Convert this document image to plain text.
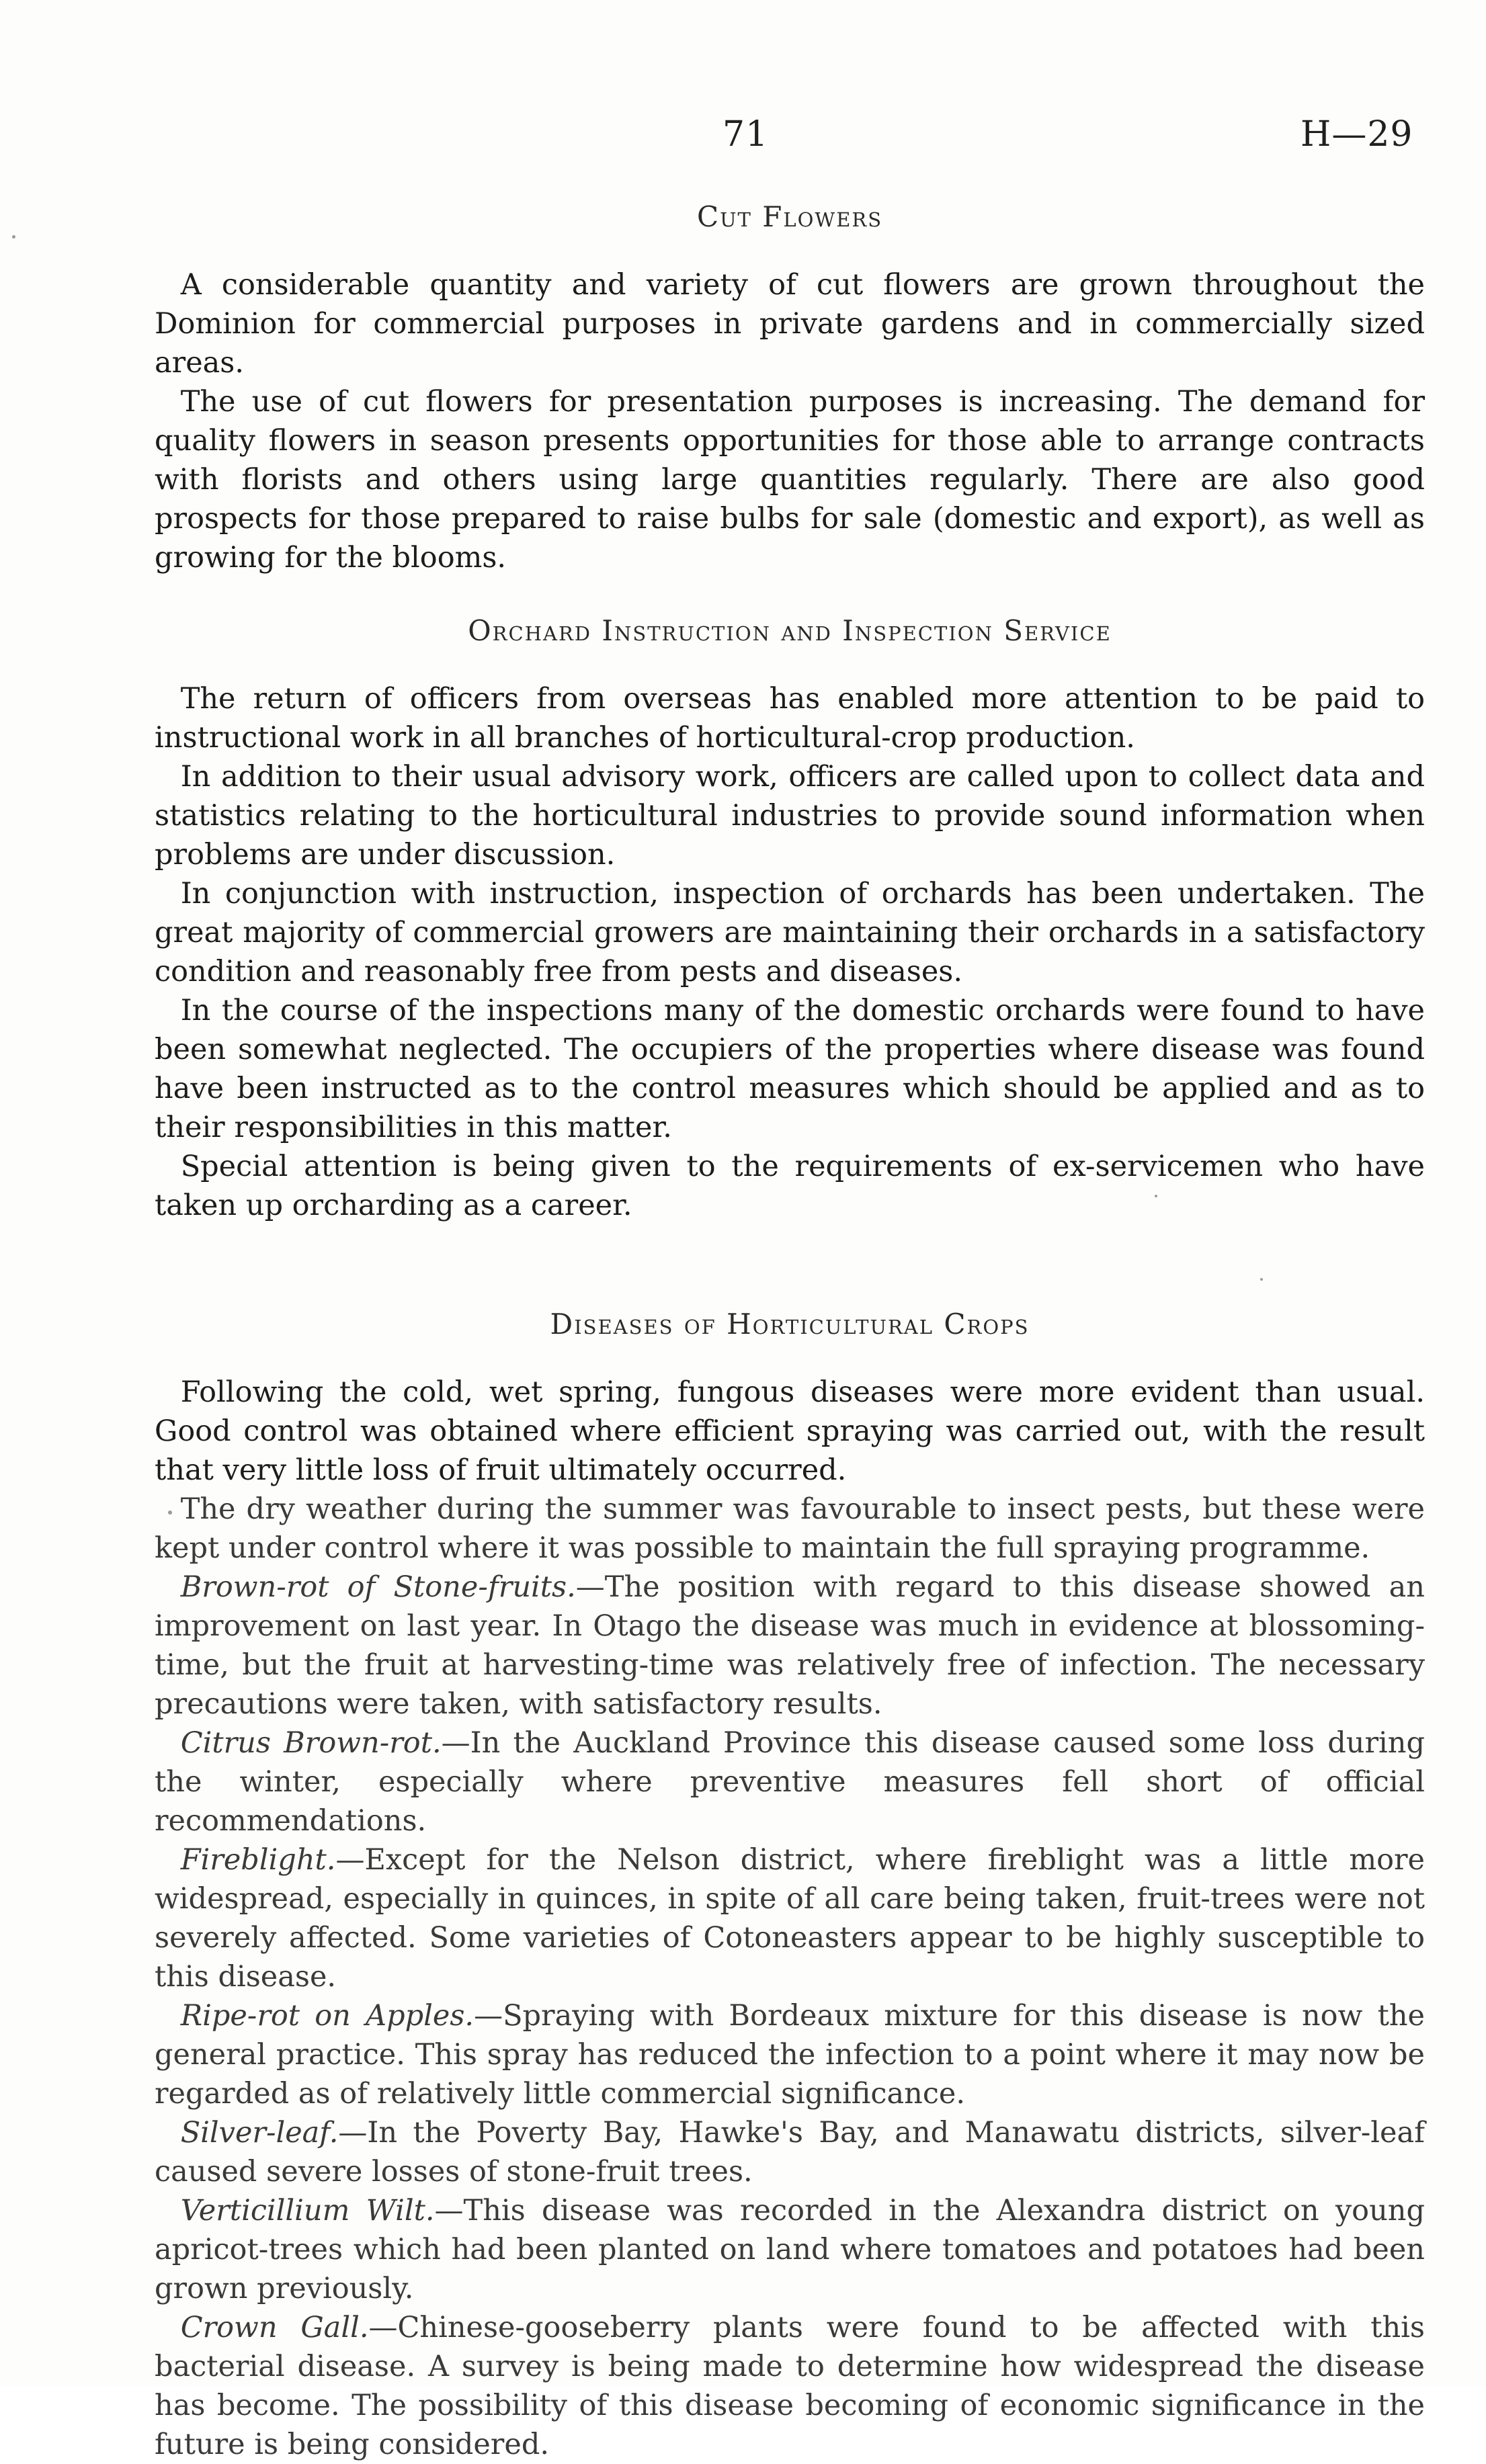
71	H—29
Cut Flowers

A considerable quantity and variety of cut flowers are grown throughout the Dominion for commercial purposes in private gardens and in commercially sized areas.

The use of cut flowers for presentation purposes is increasing. The demand for quality flowers in season presents opportunities for those able to arrange contracts with florists and others using large quantities regularly. There are also good prospects for those prepared to raise bulbs for sale (domestic and export), as well as growing for the blooms.

Orchard Instruction and Inspection Service

The return of officers from overseas has enabled more attention to be paid to instructional work in all branches of horticultural-crop production.

In addition to their usual advisory work, officers are called upon to collect data and statistics relating to the horticultural industries to provide sound information when problems are under discussion.

In conjunction with instruction, inspection of orchards has been undertaken. The great majority of commercial growers are maintaining their orchards in a satisfactory condition and reasonably free from pests and diseases.

In the course of the inspections many of the domestic orchards were found to have been somewhat neglected. The occupiers of the properties where disease was found have been instructed as to the control measures which should be applied and as to their responsibilities in this matter.

Special attention is being given to the requirements of ex-servicemen who have taken up orcharding as a career.

Diseases of Horticultural Crops

Following the cold, wet spring, fungous diseases were more evident than usual. Good control was obtained where efficient spraying was carried out, with the result that very little loss of fruit ultimately occurred.

The dry weather during the summer was favourable to insect pests, but these were kept under control where it was possible to maintain the full spraying programme.

Brown-rot of Stone-fruits.—The position with regard to this disease showed an improvement on last year. In Otago the disease was much in evidence at blossoming-time, but the fruit at harvesting-time was relatively free of infection. The necessary precautions were taken, with satisfactory results.

Citrus Brown-rot.—In the Auckland Province this disease caused some loss during the winter, especially where preventive measures fell short of official recommendations.

Fireblight.—Except for the Nelson district, where fireblight was a little more widespread, especially in quinces, in spite of all care being taken, fruit-trees were not severely affected. Some varieties of Cotoneasters appear to be highly susceptible to this disease.

Ripe-rot on Apples.—Spraying with Bordeaux mixture for this disease is now the general practice. This spray has reduced the infection to a point where it may now be regarded as of relatively little commercial significance.

Silver-leaf.—In the Poverty Bay, Hawke's Bay, and Manawatu districts, silver-leaf caused severe losses of stone-fruit trees.

Verticillium Wilt.—This disease was recorded in the Alexandra district on young apricot-trees which had been planted on land where tomatoes and potatoes had been grown previously.

Crown Gall.—Chinese-gooseberry plants were found to be affected with this bacterial disease. A survey is being made to determine how widespread the disease has become. The possibility of this disease becoming of economic significance in the future is being considered.
